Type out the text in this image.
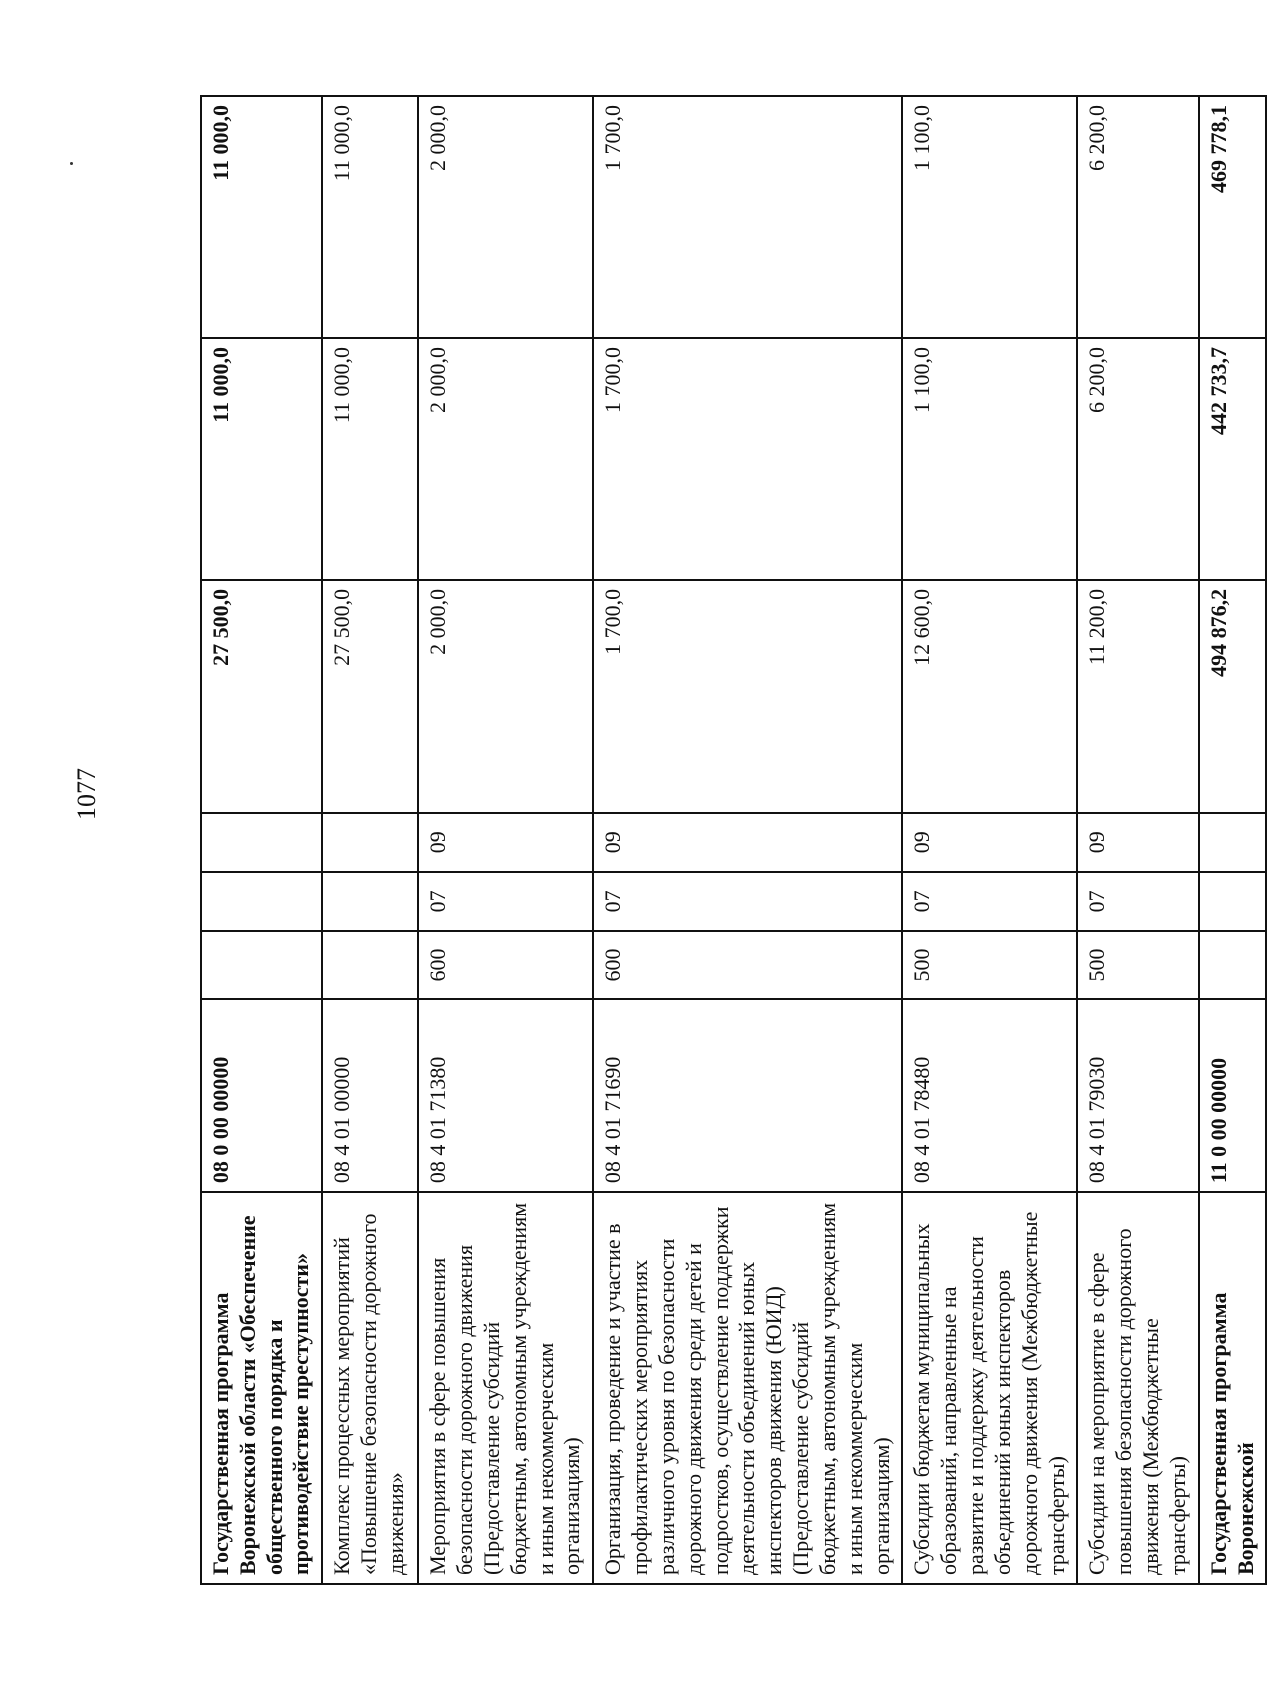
1077
Государственная программа Воронежской области «Обеспечение общественного порядка и противодействие преступности»	08 0 00 00000				27 500,0	11 000,0	11 000,0
Комплекс процессных мероприятий «Повышение безопасности дорожного движения»	08 4 01 00000				27 500,0	11 000,0	11 000,0
Мероприятия в сфере повышения безопасности дорожного движения (Предоставление субсидий бюджетным, автономным учреждениям и иным некоммерческим организациям)	08 4 01 71380	600	07	09	2 000,0	2 000,0	2 000,0
Организация, проведение и участие в профилактических мероприятиях различного уровня по безопасности дорожного движения среди детей и подростков, осуществление поддержки деятельности объединений юных инспекторов движения (ЮИД) (Предоставление субсидий бюджетным, автономным учреждениям и иным некоммерческим организациям)	08 4 01 71690	600	07	09	1 700,0	1 700,0	1 700,0
Субсидии бюджетам муниципальных образований, направленные на развитие и поддержку деятельности объединений юных инспекторов дорожного движения (Межбюджетные трансферты)	08 4 01 78480	500	07	09	12 600,0	1 100,0	1 100,0
Субсидии на мероприятие в сфере повышения безопасности дорожного движения (Межбюджетные трансферты)	08 4 01 79030	500	07	09	11 200,0	6 200,0	6 200,0
Государственная программа Воронежской	11 0 00 00000				494 876,2	442 733,7	469 778,1
